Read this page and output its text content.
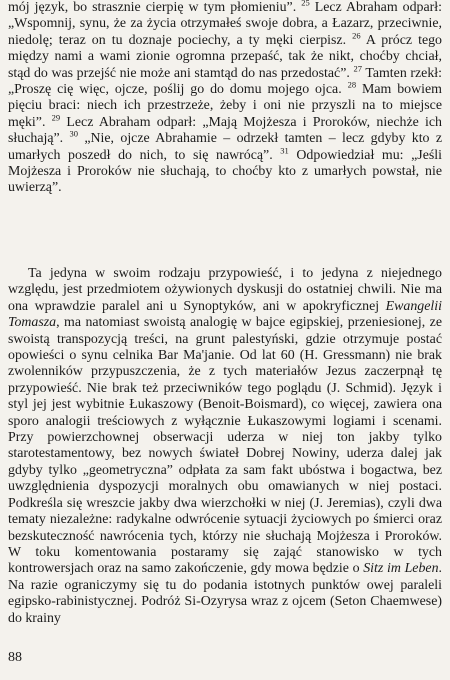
mój język, bo strasznie cierpię w tym płomieniu”. $^{25}$ Lecz Abraham odparł: „Wspomnij, synu, że za życia otrzymałeś swoje dobra, a Łazarz, przeciwnie, niedolę; teraz on tu doznaje pociechy, a ty męki cierpisz. $^{26}$ A prócz tego między nami a wami zionie ogromna przepaść, tak że nikt, choćby chciał, stąd do was przejść nie może ani stamtąd do nas przedostać”. $^{27}$ Tamten rzekł: „Proszę cię więc, ojcze, poślij go do domu mojego ojca. $^{28}$ Mam bowiem pięciu braci: niech ich przestrzeże, żeby i oni nie przyszli na to miejsce męki”. $^{29}$ Lecz Abraham odparł: „Mają Mojżesza i Proroków, niechże ich słuchają”. $^{30}$ „Nie, ojcze Abrahamie – odrzekł tamten – lecz gdyby kto z umarłych poszedł do nich, to się nawrócą”. $^{31}$ Odpowiedział mu: „Jeśli Mojżesza i Proroków nie słuchają, to choćby kto z umarłych powstał, nie uwierzą”.

Ta jedyna w swoim rodzaju przypowieść, i to jedyna z niejednego względu, jest przedmiotem ożywionych dyskusji do ostatniej chwili. Nie ma ona wprawdzie paralel ani u Synoptyków, ani w apokryficznej Ewangelii Tomasza, ma natomiast swoistą analogię w bajce egipskiej, przeniesionej, ze swoistą transpozycją treści, na grunt palestyński, gdzie otrzymuje postać opowieści o synu celnika Bar Ma'janie. Od lat 60 (H. Gressmann) nie brak zwolenników przypuszczenia, że z tych materiałów Jezus zaczerpnął tę przypowieść. Nie brak też przeciwników tego poglądu (J. Schmid). Język i styl jej jest wybitnie Łukaszowy (Benoit-Boismard), co więcej, zawiera ona sporo analogii treściowych z wyłącznie Łukaszowymi logiami i scenami. Przy powierzchownej obserwacji uderza w niej ton jakby tylko starotestamentowy, bez nowych świateł Dobrej Nowiny, uderza dalej jak gdyby tylko „geometryczna” odpłata za sam fakt ubóstwa i bogactwa, bez uwzględnienia dyspozycji moralnych obu omawianych w niej postaci. Podkreśla się wreszcie jakby dwa wierzchołki w niej (J. Jeremias), czyli dwa tematy niezależne: radykalne odwrócenie sytuacji życiowych po śmierci oraz bezskuteczność nawrócenia tych, którzy nie słuchają Mojżesza i Proroków. W toku komentowania postaramy się zająć stanowisko w tych kontrowersjach oraz na samo zakończenie, gdy mowa będzie o Sitz im Leben. Na razie ograniczymy się tu do podania istotnych punktów owej paraleli egipsko-rabinistycznej. Podróż Si-Ozyrysa wraz z ojcem (Seton Chaemwese) do krainy

88
